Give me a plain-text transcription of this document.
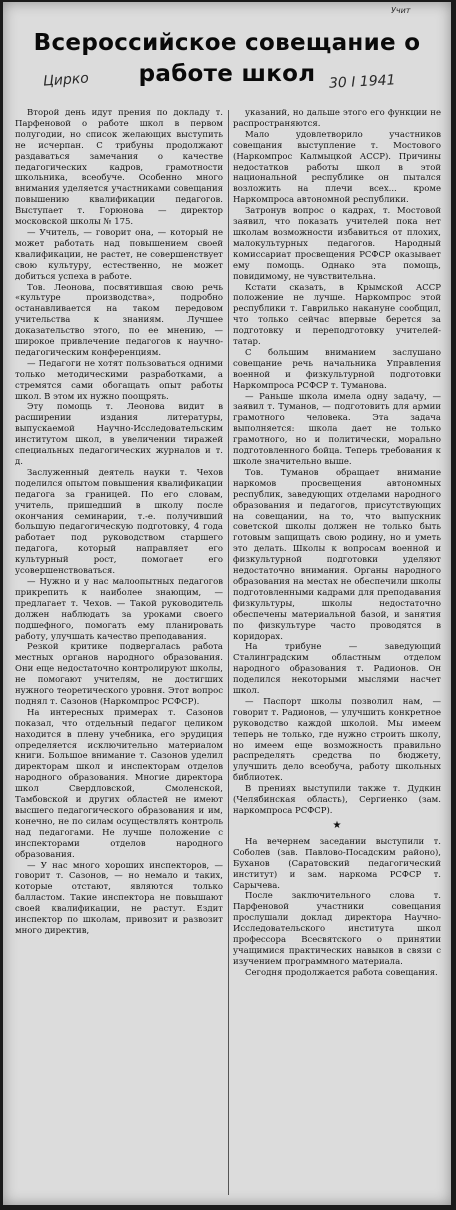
Учит
Всероссийское совещание о работе школ
Цирко	30 I 1941

Второй день идут прения по докладу т. Парфеновой о работе школ в первом полугодии, но список желающих выступить не исчерпан. С трибуны продолжают раздаваться замечания о качестве педагогических кадров, грамотности школьника, всеобуче. Особенно много внимания уделяется участниками совещания повышению квалификации педагогов. Выступает т. Горюнова — директор московской школы № 175.

— Учитель, — говорит она, — который не может работать над повышением своей квалификации, не растет, не совершенствует свою культуру, естественно, не может добиться успеха в работе.

Тов. Леонова, посвятившая свою речь «культуре производства», подробно останавливается на таком передовом учительства к знаниям. Лучшее доказательство этого, по ее мнению, — широкое привлечение педагогов к научно-педагогическим конференциям.

— Педагоги не хотят пользоваться одними только методическими разработками, а стремятся сами обогащать опыт работы школ. В этом их нужно поощрять.

Эту помощь т. Леонова видит в расширении издания литературы, выпускаемой Научно-Исследовательским институтом школ, в увеличении тиражей специальных педагогических журналов и т. д.

Заслуженный деятель науки т. Чехов поделился опытом повышения квалификации педагога за границей. По его словам, учитель, пришедший в школу после окончания семинарии, т.-е. получивший большую педагогическую подготовку, 4 года работает под руководством старшего педагога, который направляет его культурный рост, помогает его усовершенствоваться.

— Нужно и у нас малоопытных педагогов прикрепить к наиболее знающим, — предлагает т. Чехов. — Такой руководитель должен наблюдать за уроками своего подшефного, помогать ему планировать работу, улучшать качество преподавания.

Резкой критике подвергалась работа местных органов народного образования. Они еще недостаточно контролируют школы, не помогают учителям, не достигших нужного теоретического уровня. Этот вопрос поднял т. Сазонов (Наркомпрос РСФСР).

На интересных примерах т. Сазонов показал, что отдельный педагог целиком находится в плену учебника, его эрудиция определяется исключительно материалом книги. Большое внимание т. Сазонов уделил директорам школ и инспекторам отделов народного образования. Многие директора школ Свердловской, Смоленской, Тамбовской и других областей не имеют высшего педагогического образования и им, конечно, не по силам осуществлять контроль над педагогами. Не лучше положение с инспекторами отделов народного образования.

— У нас много хороших инспекторов, — говорит т. Сазонов, — но немало и таких, которые отстают, являются только балластом. Такие инспектора не повышают своей квалификации, не растут. Ездит инспектор по школам, привозит и развозит много директив,

указаний, но дальше этого его функции не распространяются.

Мало удовлетворило участников совещания выступление т. Мостового (Наркомпрос Калмыцкой АССР). Причины недостатков работы школ в этой национальной республике он пытался возложить на плечи всех... кроме Наркомпроса автономной республики.

Затронув вопрос о кадрах, т. Мостовой заявил, что показать учителей пока нет школам возможности избавиться от плохих, малокультурных педагогов. Народный комиссариат просвещения РСФСР оказывает ему помощь. Однако эта помощь, повидимому, не чувствительна.

Кстати сказать, в Крымской АССР положение не лучше. Наркомпрос этой республики т. Гаврилько накануне сообщил, что только сейчас впервые берется за подготовку и переподготовку учителей-татар.

С большим вниманием заслушано совещание речь начальника Управления военной и физкультурной подготовки Наркомпроса РСФСР т. Туманова.

— Раньше школа имела одну задачу, — заявил т. Туманов, — подготовить для армии грамотного человека. Эта задача выполняется: школа дает не только грамотного, но и политически, морально подготовленного бойца. Теперь требования к школе значительно выше.

Тов. Туманов обращает внимание наркомов просвещения автономных республик, заведующих отделами народного образования и педагогов, присутствующих на совещании, на то, что выпускник советской школы должен не только быть готовым защищать свою родину, но и уметь это делать. Школы к вопросам военной и физкультурной подготовки уделяют недостаточно внимания. Органы народного образования на местах не обеспечили школы подготовленными кадрами для преподавания физкультуры, школы недостаточно обеспечены материальной базой, и занятия по физкультуре часто проводятся в коридорах.

На трибуне — заведующий Сталинградским областным отделом народного образования т. Радионов. Он поделился некоторыми мыслями насчет школ.

— Паспорт школы позволил нам, — говорит т. Радионов, — улучшить конкретное руководство каждой школой. Мы имеем теперь не только, где нужно строить школу, но имеем еще возможность правильно распределять средства по бюджету, улучшить дело всеобуча, работу школьных библиотек.

В прениях выступили также т. Дудкин (Челябинская область), Сергиенко (зам. наркомпроса РСФСР).

★

На вечернем заседании выступили т. Соболев (зав. Павлово-Посадским районо), Буханов (Саратовский педагогический институт) и зам. наркома РСФСР т. Сарычева.

После заключительного слова т. Парфеновой участники совещания прослушали доклад директора Научно-Исследовательского института школ профессора Всесвятского о принятии учащимися практических навыков в связи с изучением программного материала.

Сегодня продолжается работа совещания.
